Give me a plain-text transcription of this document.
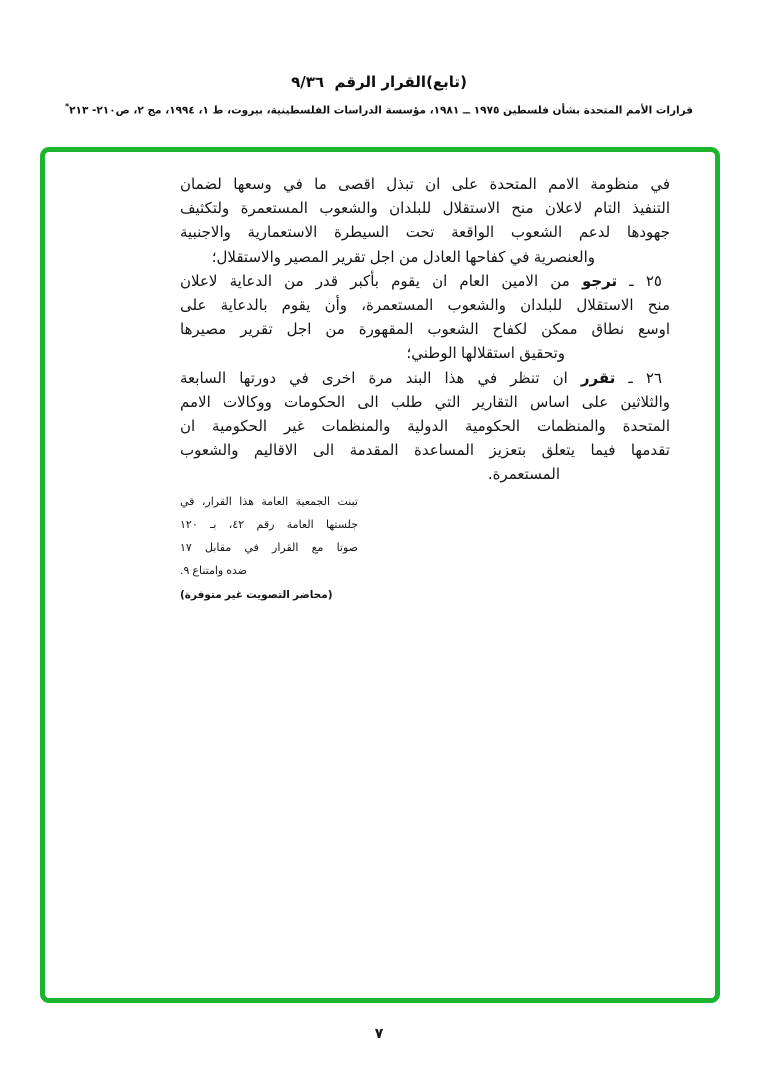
(تابع)القرار الرقم  ٩/٣٦
قرارات الأمم المتحدة بشأن فلسطين ١٩٧٥ ــ ١٩٨١، مؤسسة الدراسات الفلسطينية، بيروت، ط ١، ١٩٩٤، مج ٢، ص٢١٠- ٢١٣*
في منظومة الامم المتحدة على ان تبذل اقصى ما في وسعها لضمان
التنفيذ التام لاعلان منح الاستقلال للبلدان والشعوب المستعمرة ولتكثيف
جهودها لدعم الشعوب الواقعة تحت السيطرة الاستعمارية والاجنبية
والعنصرية في كفاحها العادل من اجل تقرير المصير والاستقلال؛
٢٥ ـ ترجو من الامين العام ان يقوم بأكبر قدر من الدعاية لاعلان
منح الاستقلال للبلدان والشعوب المستعمرة، وأن يقوم بالدعاية على
اوسع نطاق ممكن لكفاح الشعوب المقهورة من اجل تقرير مصيرها
وتحقيق استقلالها الوطني؛
٢٦ ـ تقرر ان تنظر في هذا البند مرة اخرى في دورتها السابعة
والثلاثين على اساس التقارير التي طلب الى الحكومات ووكالات الامم
المتحدة والمنظمات الحكومية الدولية والمنظمات غير الحكومية ان
تقدمها فيما يتعلق بتعزيز المساعدة المقدمة الى الاقاليم والشعوب
المستعمرة.
تبنت الجمعية العامة هذا القرار، في
جلستها العامة رقم ٤٢، بـ ١٢٠
صوتا مع القرار في مقابل ١٧
ضده وامتناع ٩.
(محاضر التصويت غير متوفرة)
٧
